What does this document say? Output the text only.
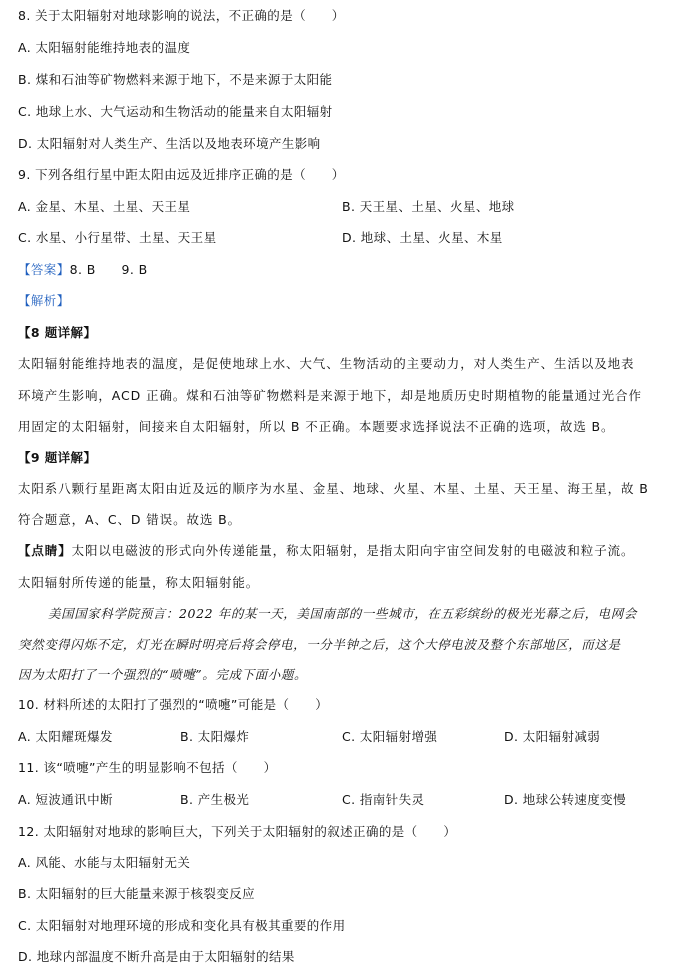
8. 关于太阳辐射对地球影响的说法，不正确的是（　　）
A. 太阳辐射能维持地表的温度
B. 煤和石油等矿物燃料来源于地下，不是来源于太阳能
C. 地球上水、大气运动和生物活动的能量来自太阳辐射
D. 太阳辐射对人类生产、生活以及地表环境产生影响
9. 下列各组行星中距太阳由远及近排序正确的是（　　）
A. 金星、木星、土星、天王星	B. 天王星、土星、火星、地球
C. 水星、小行星带、土星、天王星	D. 地球、土星、火星、木星
【答案】8. B　　9. B
【解析】
【8 题详解】
太阳辐射能维持地表的温度，是促使地球上水、大气、生物活动的主要动力，对人类生产、生活以及地表
环境产生影响，ACD 正确。煤和石油等矿物燃料是来源于地下，却是地质历史时期植物的能量通过光合作
用固定的太阳辐射，间接来自太阳辐射，所以 B 不正确。本题要求选择说法不正确的选项，故选 B。
【9 题详解】
太阳系八颗行星距离太阳由近及远的顺序为水星、金星、地球、火星、木星、土星、天王星、海王星，故 B
符合题意，A、C、D 错误。故选 B。
【点睛】太阳以电磁波的形式向外传递能量，称太阳辐射，是指太阳向宇宙空间发射的电磁波和粒子流。
太阳辐射所传递的能量，称太阳辐射能。
美国国家科学院预言：2022 年的某一天，美国南部的一些城市，在五彩缤纷的极光光幕之后，电网会
突然变得闪烁不定，灯光在瞬时明亮后将会停电，一分半钟之后，这个大停电波及整个东部地区，而这是
因为太阳打了一个强烈的“喷嚏”。完成下面小题。
10. 材料所述的太阳打了强烈的“喷嚏”可能是（　　）
A. 太阳耀斑爆发	B. 太阳爆炸	C. 太阳辐射增强	D. 太阳辐射减弱
11. 该“喷嚏”产生的明显影响不包括（　　）
A. 短波通讯中断	B. 产生极光	C. 指南针失灵	D. 地球公转速度变慢
12. 太阳辐射对地球的影响巨大，下列关于太阳辐射的叙述正确的是（　　）
A. 风能、水能与太阳辐射无关
B. 太阳辐射的巨大能量来源于核裂变反应
C. 太阳辐射对地理环境的形成和变化具有极其重要的作用
D. 地球内部温度不断升高是由于太阳辐射的结果
